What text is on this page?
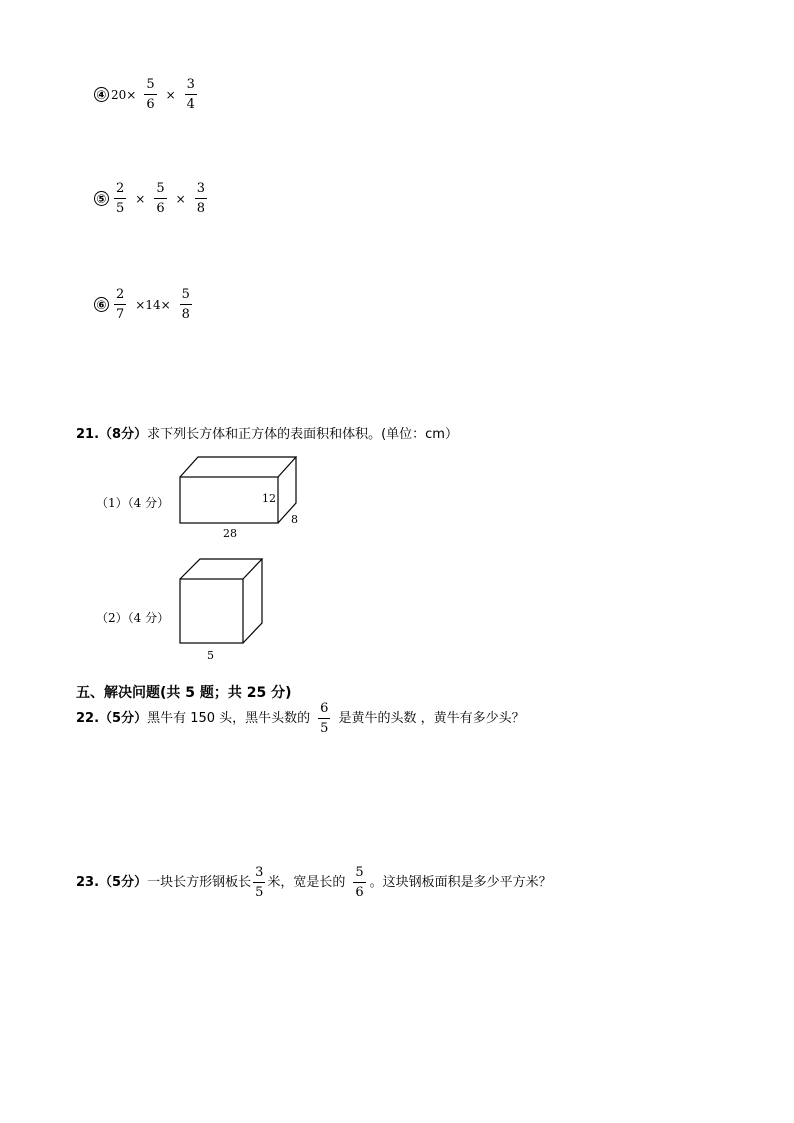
④ $20\times \frac{5}{6} \times \frac{3}{4}$
⑤ $\frac{2}{5} \times \frac{5}{6} \times \frac{3}{8}$
⑥ $\frac{2}{7} \times 14\times \frac{5}{8}$
21.（8分）求下列长方体和正方体的表面积和体积。(单位：cm）
（1）（4 分）	12
8
28
（2）（4 分）
5
五、解决问题(共 5 题；共 25 分)
22. （5分） 黑牛有 150 头，黑牛头数的 $\frac{6}{5}$ 是黄牛的头数 ，黄牛有多少头？
23. （5分） 一块长方形钢板长 $\frac{3}{5}$ 米，宽是长的 $\frac{5}{6}$ 。这块钢板面积是多少平方米？
